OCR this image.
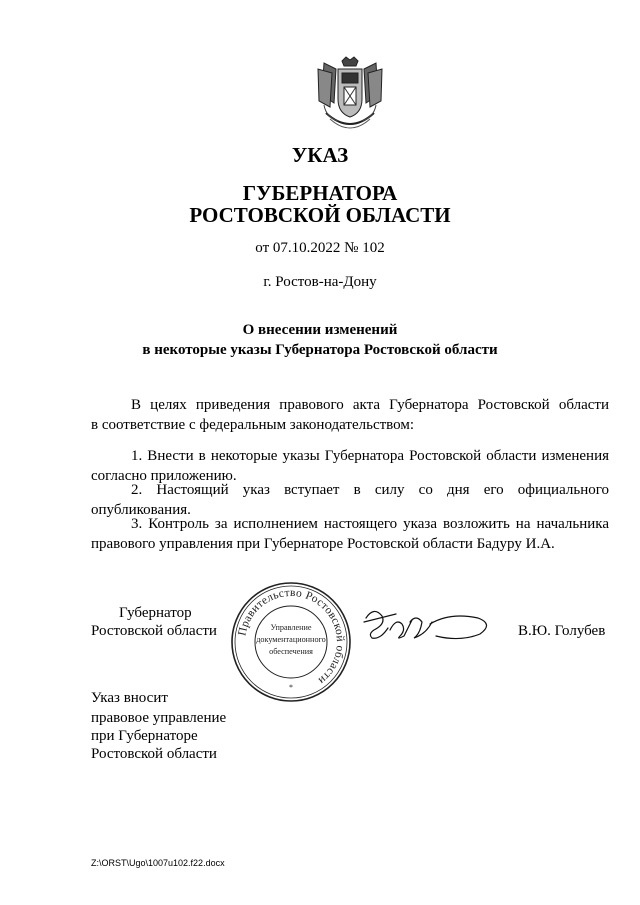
УКАЗ
ГУБЕРНАТОРА
РОСТОВСКОЙ ОБЛАСТИ
от 07.10.2022 № 102
г. Ростов-на-Дону
О внесении изменений
в некоторые указы Губернатора Ростовской области
В целях приведения правового акта Губернатора Ростовской области
в соответствие с федеральным законодательством:
1. Внести в некоторые указы Губернатора Ростовской области изменения
согласно приложению.
2. Настоящий указ вступает в силу со дня его официального
опубликования.
3. Контроль за исполнением настоящего указа возложить на начальника
правового управления при Губернаторе Ростовской области Бадуру И.А.
Губернатор
Ростовской области Правительство Ростовской области
Управление
документационного
обеспечения
*
В.Ю. Голубев
Указ вносит
правовое управление
при Губернаторе
Ростовской области
Z:\ORST\Ugo\1007u102.f22.docx
